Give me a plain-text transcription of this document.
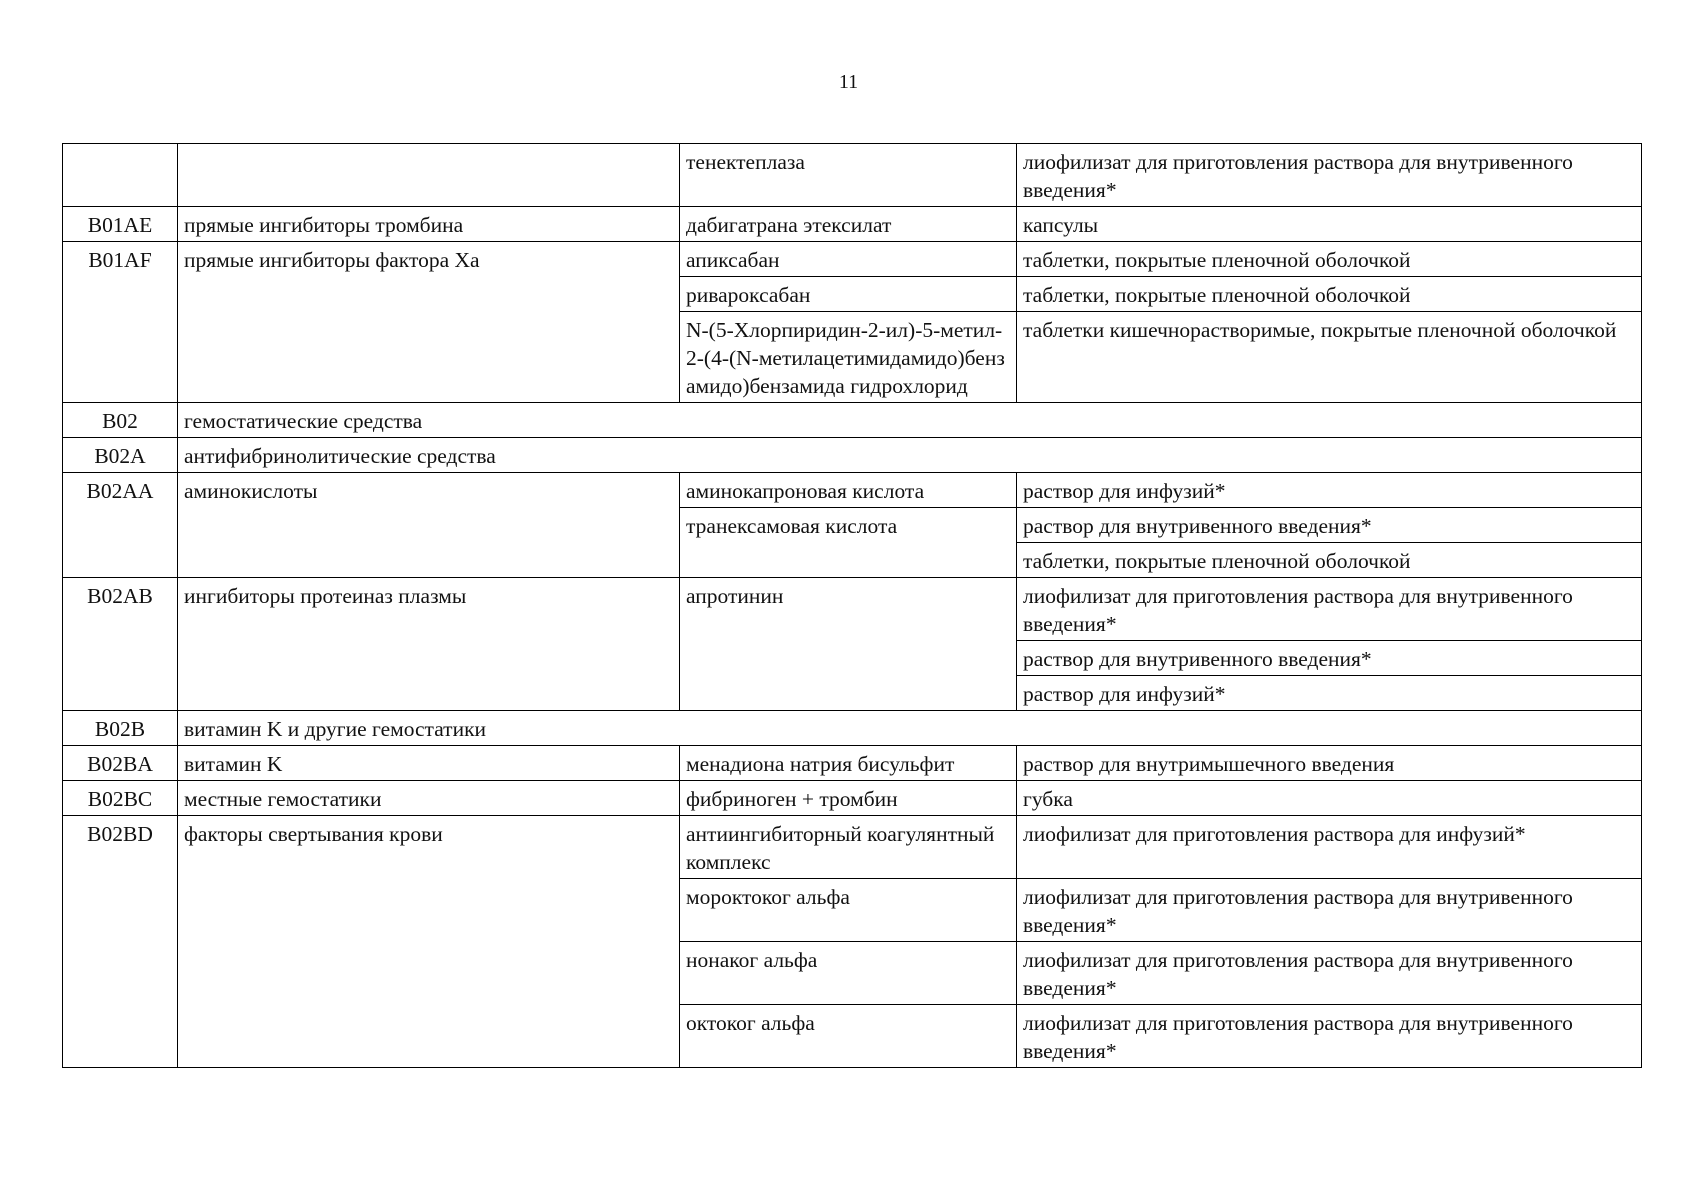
11
		тенектеплаза	лиофилизат для приготовления раствора для внутривенного введения*
B01AE	прямые ингибиторы тромбина	дабигатрана этексилат	капсулы
B01AF	прямые ингибиторы фактора Xa	апиксабан	таблетки, покрытые пленочной оболочкой
		ривароксабан	таблетки, покрытые пленочной оболочкой
		N-(5-Хлорпиридин-2-ил)-5-метил-2-(4-(N-метилацетимидамидо)бензамидо)бензамида гидрохлорид	таблетки кишечнорастворимые, покрытые пленочной оболочкой
B02	гемостатические средства		
B02A	антифибринолитические средства		
B02AA	аминокислоты	аминокапроновая кислота	раствор для инфузий*
		транексамовая кислота	раствор для внутривенного введения*
			таблетки, покрытые пленочной оболочкой
B02AB	ингибиторы протеиназ плазмы	апротинин	лиофилизат для приготовления раствора для внутривенного введения*
			раствор для внутривенного введения*
			раствор для инфузий*
B02B	витамин K и другие гемостатики		
B02BA	витамин K	менадиона натрия бисульфит	раствор для внутримышечного введения
B02BC	местные гемостатики	фибриноген + тромбин	губка
B02BD	факторы свертывания крови	антиингибиторный коагулянтный комплекс	лиофилизат для приготовления раствора для инфузий*
		мороктоког альфа	лиофилизат для приготовления раствора для внутривенного введения*
		нонаког альфа	лиофилизат для приготовления раствора для внутривенного введения*
		октоког альфа	лиофилизат для приготовления раствора для внутривенного введения*
